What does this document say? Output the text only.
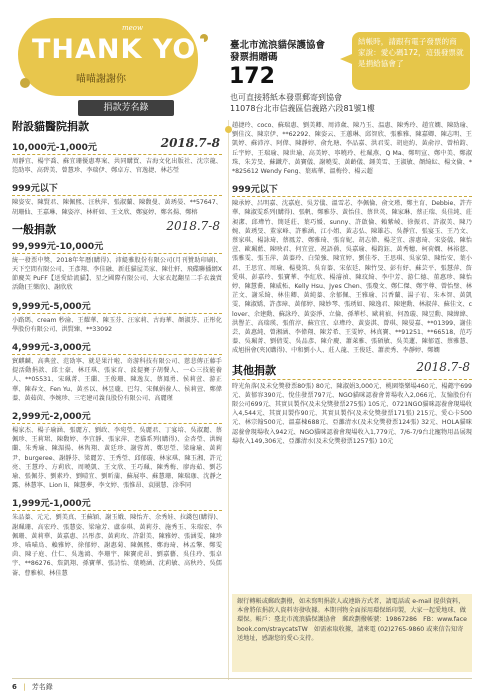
meow
THANK YOU
喵喵謝謝你
捐款芳名錄
臺北市流浪貓保護協會
發票捐贈碼
172
結帳時，請跟有電子發票的商家說：愛心碼172，這張發票就是捐給協會了
也可直接將紙本發票郵寄到協會
11078台北市信義區信義路六段81號1樓
附設貓醫院捐款
10,000元-1,000元	2018.7-8
周靜宜、楊宇喬、蘇宜珊優惠專案、共同購買、吉海文化出版社、沈宗龍、笵劭寧、高碧美、曾慧珍、李瑞伊、鄭卓方、官逸捷、林芯瑩
999元以下
陳姿安、陳賢君、陳佩熙、汪秋萍、張淑蘭、陳馥曼、黃琇晏、**57647、胡珊仙、王嘉琳、陳姿淳、林軒如、王文欣、鄭宴婷、鄭名揚、鄭榕
一般捐款	2018.7-8
99,999元-10,000元
統一發票中獎、2018年年曆(購得)、沛緹雅股份有限公司(月刊贊助印刷)、天下空間有限公司、王彥翔、李佳融、新莊貓屋美家、陳仕軒、飛碟聯播網X 節慶芙 PuFF【送愛給流貓】、星之國際有限公司、大家衣起翻星二手衣義賣活動(王樂欣)、謝欣欣
9,999元-5,000元
小路瑪、cream 秒渝、王耀華、陳玉芬、汪家莉、古海華、顏淑芬、正彤化學股份有限公司、洪賢臻、**33092
4,999元-3,000元
貿麒麟、高典萱、范劭寧、就是果汁啦、奇游科技有限公司、慈悲傳正藤手提活動捐款、邱士豪、林玨琪、張家育、波提賽子胡餐人、一心三技能養人、**05531、宋珮菁、王蘭、王俊珊、陳逸友、蔡鳳勇、侯莉萱、游正華、陳春文、Fen Yu、黃丞以、林昱瓏、巴勾、宋佩娟養人、侯莉萱、鄭偉蓁、黃茹茵、李婉珍、三宅建司義良股份有限公司、高麗瑾
2,999元-2,000元
楊家杰、楊子瑜涵、張麗方、劉政、李宛瑩、吳麗君、丁宴培、吳淑麗、蔡佩珍、王莉珺、陳馥婷、李宜靜、張家萍、老貓系列(購得)、金杏瑩、洪婉蘭、朱秀瑜、陳湄揚、林雋翔、黃廷珍、謝蓉萬、鄭思瑩、梁瑜瑜、黃莉尹、burgeree、謝靜芬、梁麗芳、王秀瑩、邱郁璇、林家琪、陳玉湘、許元亮、王慧玲、方莉欣、周曉凱、王文欣、王巧珮、陳秀梅、廖海茹、劉芯瑜、張佩芬、劉素玲、劉晴宜、劉昕蒲、蘇展寧、蘇慧珊、陳瑞珈、沈靜之露、林慧寧、Lion li、陳慧夢、李文婷、張惟昂、袁團慧、涂季同
1,999元-1,000元
朱品蓁、元元、劉美真、王蘇穎、謝玉娥、陳怡卉、余秀娃、拉錢包(購得)、謝珮珊、高宏玲、張慧姿、梁瑜芳、盧泰琪、黃莉芬、施秀玉、朱瑞宏、李佩珊、黃莉華、黃嘉惠、呂彤彥、黃莉玫、許甜美、陳雅婷、張涵雯、陳珍珍、喵喵鳥、賴雅婷、徐郁婷、謝惠菊、陳佩熙、鄭海琦、林孟擎、鄭雯茵、陳子庭、仕仁、吳逸鴻、李珊宇、陳寶虎昂、劉嘉藝、吳佳玲、張卓宇、**86276、詹凱翔、孫寶華、張詩怡、葉曉涵、沈莉敏、高秋玲、吳儒崙、曹雅楨、林佳慧
趙捷玲、coco、蘇瑞惠、劉美卿、周沛歲、陳乃玉、温惠、陳秀玲、趙宜嫻、陳劭瑜、劉佳汶、陳京伊、**62292、陳姿云、王蕙琳、邱智欣、張雅雅、陳嘉卿、陳志明、王凱婷、蘇沛淳、阿偉、陳靜婷、俞允瑭、李品嘉、洪君雯、胡庭約、黃俞淳、曾柏鈞、丘宇婷、王瑞瑜、陳世瑜、高美婷、寧曉玲、杜珮燕、Q Ma、鄭明宣、鄭中美、鄭淑珠、朱芳旻、蘇鐵芹、黃寶儀、謝曉雯、黃齡儀、鍾美雪、王淑敏、顏綺紜、楊文倫、**825612 Wendy Feng、葉瑤華、溫梅伶、楊云超
999元以下
陳承婷、呂明嘉、沈嘉庭、吳芳儀、溫雪芯、李佩倫、俞文瑾、鄭主育、Debbie、許卉華、陳淑雯系列(購得)、張帆、鄭雅芬、黃怡佳、蔡世英、陳家琳、蔡正瑞、吳佳純、莊昶潔、邱瑋竹、簡延莊、葉巧媛、sunny、許啟倫、賴紫崚、徐振君、許淑美、陳乃婉、黃琇旻、董家峰、許雅涵、江小姐、黃志弘、陳雄芯、吳靜宜、張宴玉、王乃文、蔡家琪、楊詠琦、蔡鳳芳、鄭雅琦、張育妮、胡志偉、楊芝宜、游惠琦、宋姿儀、陳怡萱、歐珮藍、陳映君、何宜萱、祝語蒨、吳嘉瑜、楊鈞鈺、黃秀穗、柯荷嫻、林裕慈、張雅雯、張玉萍、黃蓁玲、白榮強、陳宜婷、劉佳苓、王思琪、吳家榮、陳怡安、葉小君、王思宜、周瑜、楊曼筑、吳育蓁、宋依廷、陳竹旻、彭有妤、蘇芸平、張慧萍、詹愛琪、彭嘉玲、張寶華、李紅欣、楊濬禎、陳玟綺、李中芳、游仁德、董惠珍、陳怡婷、陳慧蕎、陳威柘、Kelly Hsu、Jyes Chen、張瓊文、鄭仁傑、鄭宇尊、曾怡璧、林芷文、謝采綺、林佳卿、黃純蓁、余郁佩、王雅瑜、呂香蘭、湯子宥、朱本智、黃凱雯、陳淑嬌、許彥璋、黃郁婷、陳妙琴、張琇如、陳逸君、陳建勳、林淑萍、蘇佳文、clover、余建勳、蘇詠玲、黃姿淨、立倫、孫華杉、歐莉禎、何盈璇、陳昱勳、陳緯緯、洪譽芷、高瑞瑛、張侑淳、蘇宜宜、卓瑋玲、黃姿淇、曾琪、陳晏嘉、**01399、謝佳芸、黃惠純、曾湘涵、李偉翔、陳芳希、王雯婷、林真寶、**91251、**66518、范巧蓁、吳珮菁、劉倩雯、吳品彥、陳介慶、蕭萊雅、張碩敏、吳美蓮、陳郁霆、蔡雅慧、成旭捐會(夾)(購得)、中和劉小人、莊人龍、王俊廷、蕭羨秀、李靜婷、鄭嫻
其他捐款	2018.7-8
時光角落(及未兌獎發票80張) 80元、陳淑娟3,000元、桃園築樂場460元、楊懿宇699元、黃郁容390元、悅佳發票797元、NGO貓咪認養會菁場收入2,066元、友愉股份有限公司699元、其實貝製作(及未兌獎發票275張) 105元、0721NGO貓咪認養會現場收入4,544元、其實貝製作90元、其實貝製作(及未兌獎發票171張) 215元、愛心卡500元、林宗翰500元、溫嘉棟688元、亞灘清水(及未兌獎發票124張) 32元、HOLA貓咪認養會現場收入942元、NGO貓咪認養會現場收入1,779元、7/6-7/9台北寵物用品展現場收入149,306元、亞灘清水(及未兌獎發票1257張) 10元
銀行轉帳或郵政劃撥，如未寫明捐款人或連絡方式者，請電話或 e-mail 提供資料，本會將依捐款人資料寄發收據。本期刊物全面採用環保紙印製，大家一起愛地球、做環保。帳戶：臺北市流浪貓保護協會　郵政劃撥帳號：19867286　FB：www.facebook.com/straycatsTW　如需索取收據，請來電 (02)2765-9860 或來信告知寄送地址，感謝您的愛心支持。
6 | 芳名錄
